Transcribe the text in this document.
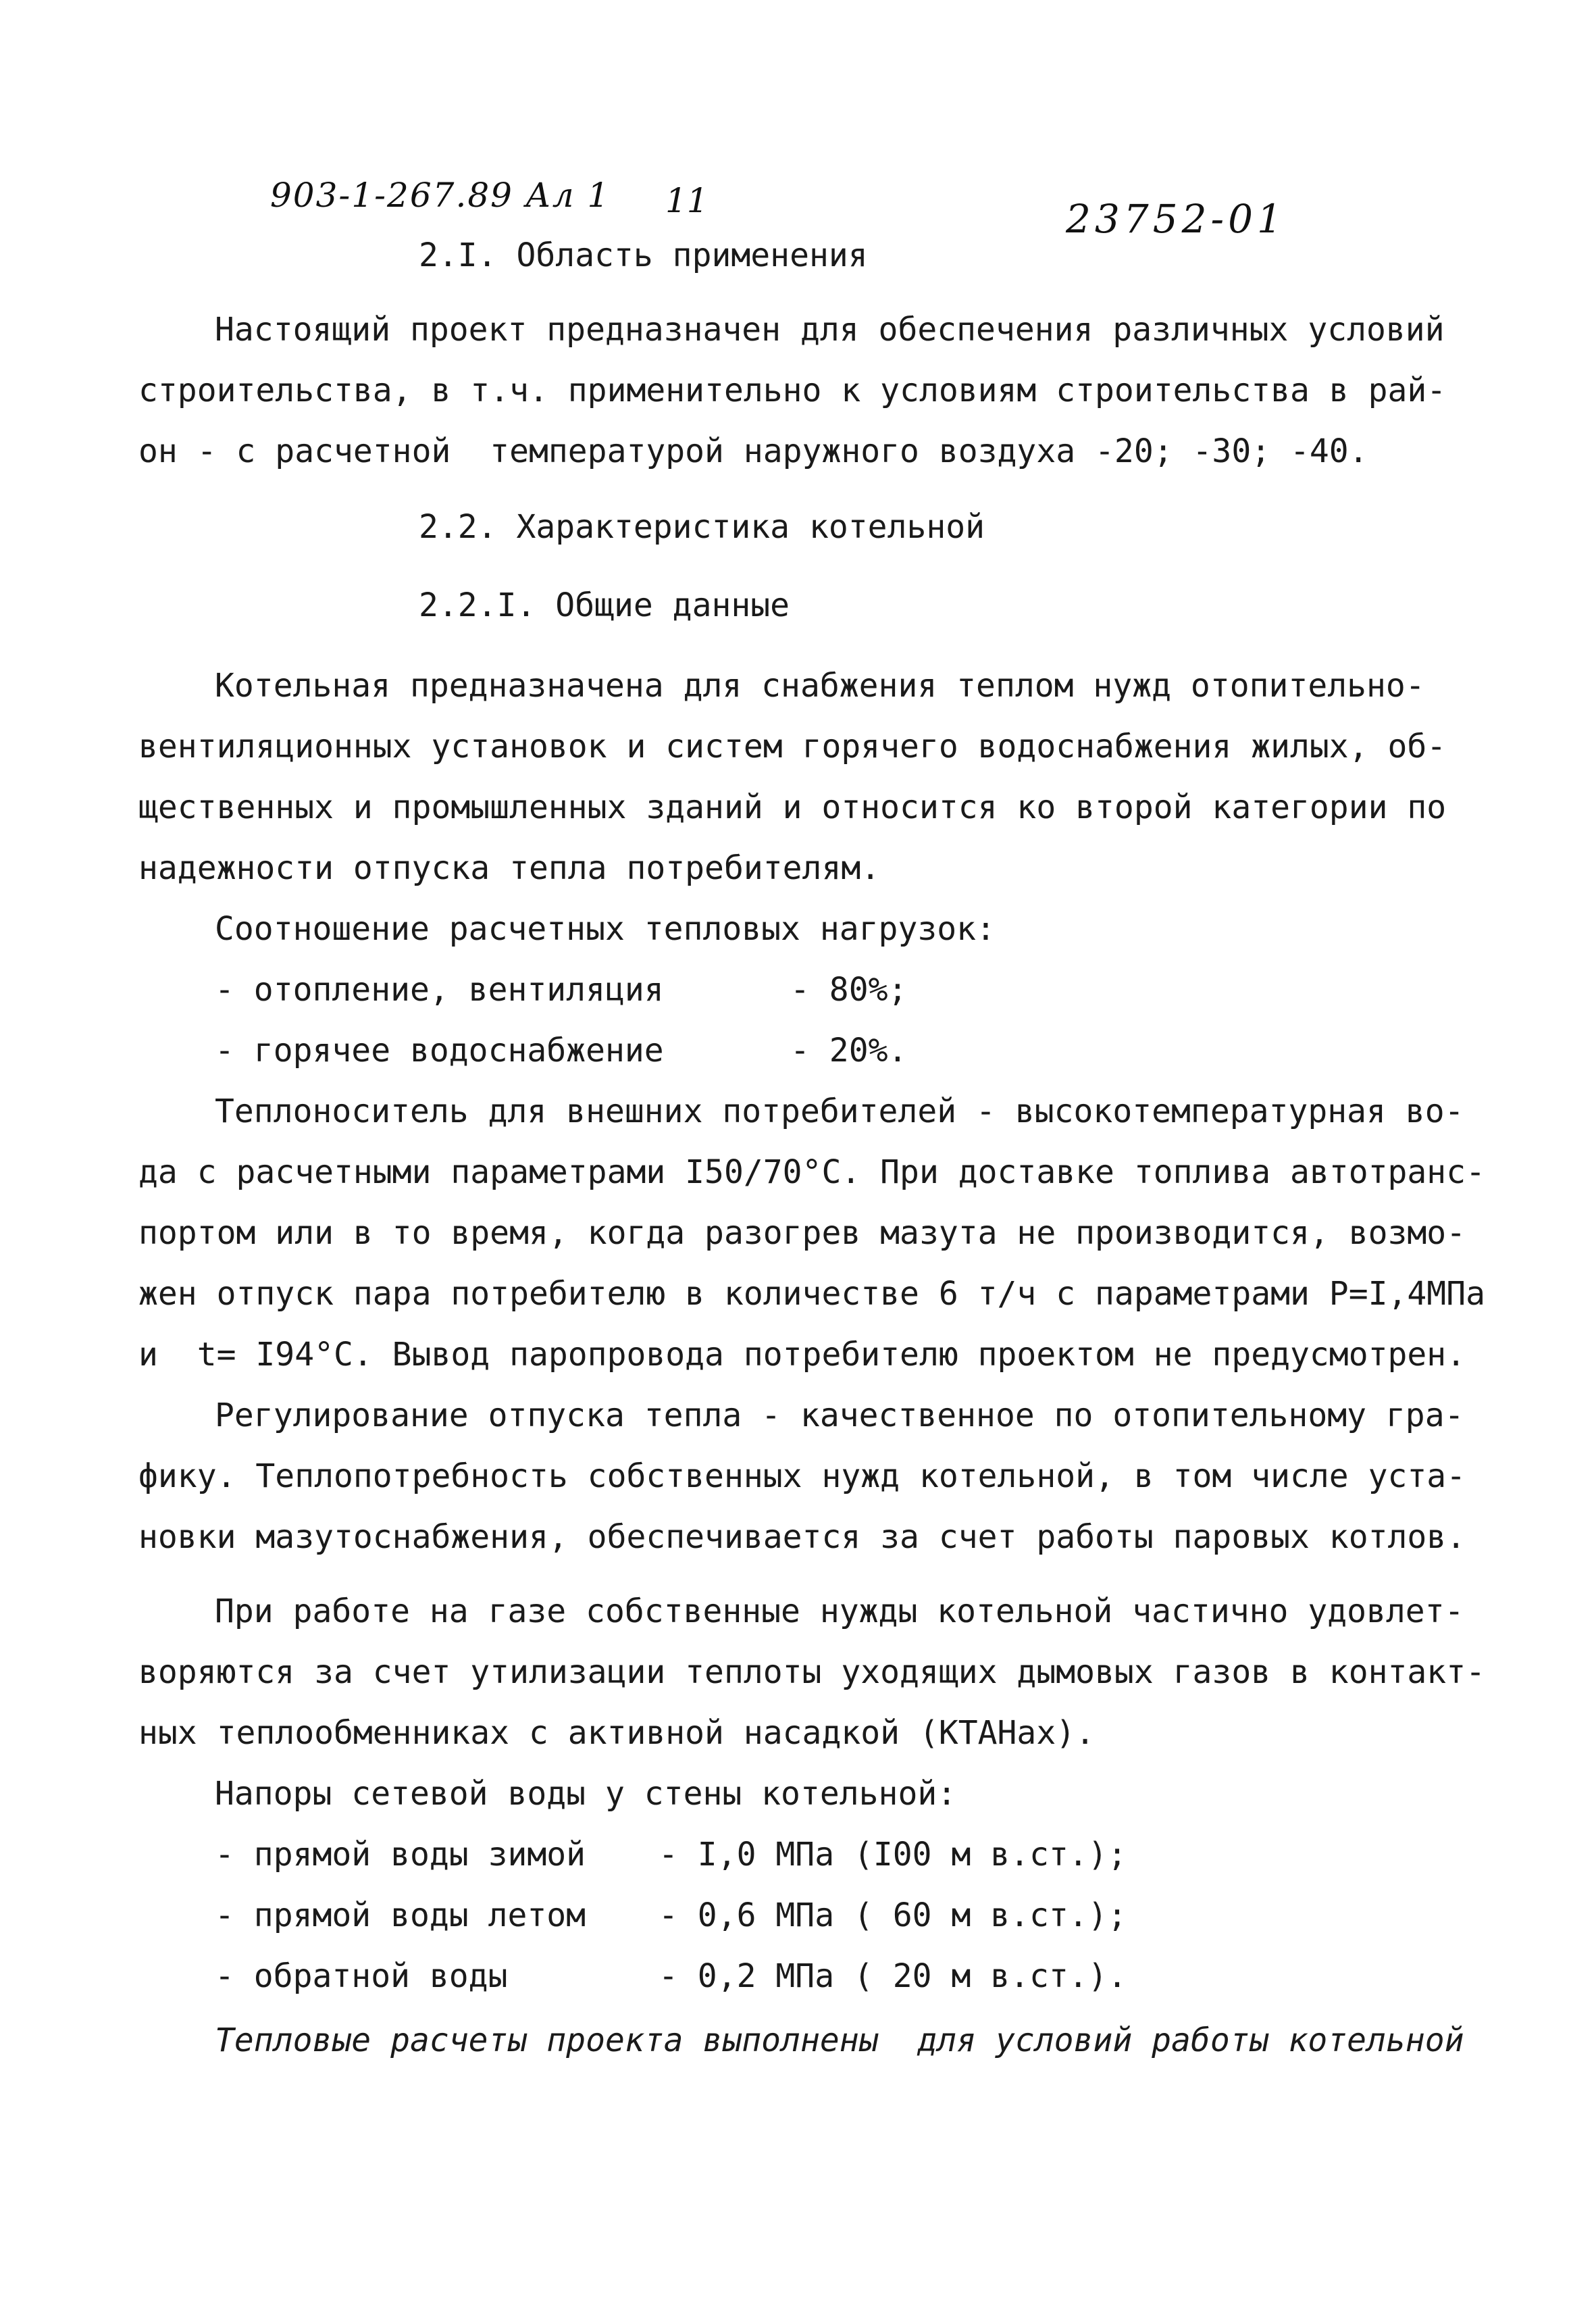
903-1-267.89 Ал 1 11	23752-01
2.I. Область применения
Настоящий проект предназначен для обеспечения различных условий
строительства, в т.ч. применительно к условиям строительства в рай-
он - с расчетной  температурой наружного воздуха -20; -30; -40.
2.2. Характеристика котельной
2.2.I. Общие данные
Котельная предназначена для снабжения теплом нужд отопительно-
вентиляционных установок и систем горячего водоснабжения жилых, об-
щественных и промышленных зданий и относится ко второй категории по
надежности отпуска тепла потребителям.
Соотношение расчетных тепловых нагрузок:
- отопление, вентиляция	- 80%;
- горячее водоснабжение	- 20%.
Теплоноситель для внешних потребителей - высокотемпературная во-
да с расчетными параметрами I50/70°С. При доставке топлива автотранс-
портом или в то время, когда разогрев мазута не производится, возмо-
жен отпуск пара потребителю в количестве 6 т/ч с параметрами Р=I,4МПа
и  t= I94°С. Вывод паропровода потребителю проектом не предусмотрен.
Регулирование отпуска тепла - качественное по отопительному гра-
фику. Теплопотребность собственных нужд котельной, в том числе уста-
новки мазутоснабжения, обеспечивается за счет работы паровых котлов.
При работе на газе собственные нужды котельной частично удовлет-
воряются за счет утилизации теплоты уходящих дымовых газов в контакт-
ных теплообменниках с активной насадкой (КТАНах).
Напоры сетевой воды у стены котельной:
- прямой воды зимой - I,0 МПа (I00 м в.ст.);
- прямой воды летом - 0,6 МПа ( 60 м в.ст.);
- обратной воды	- 0,2 МПа ( 20 м в.ст.).
Тепловые расчеты проекта выполнены  для условий работы котельной
